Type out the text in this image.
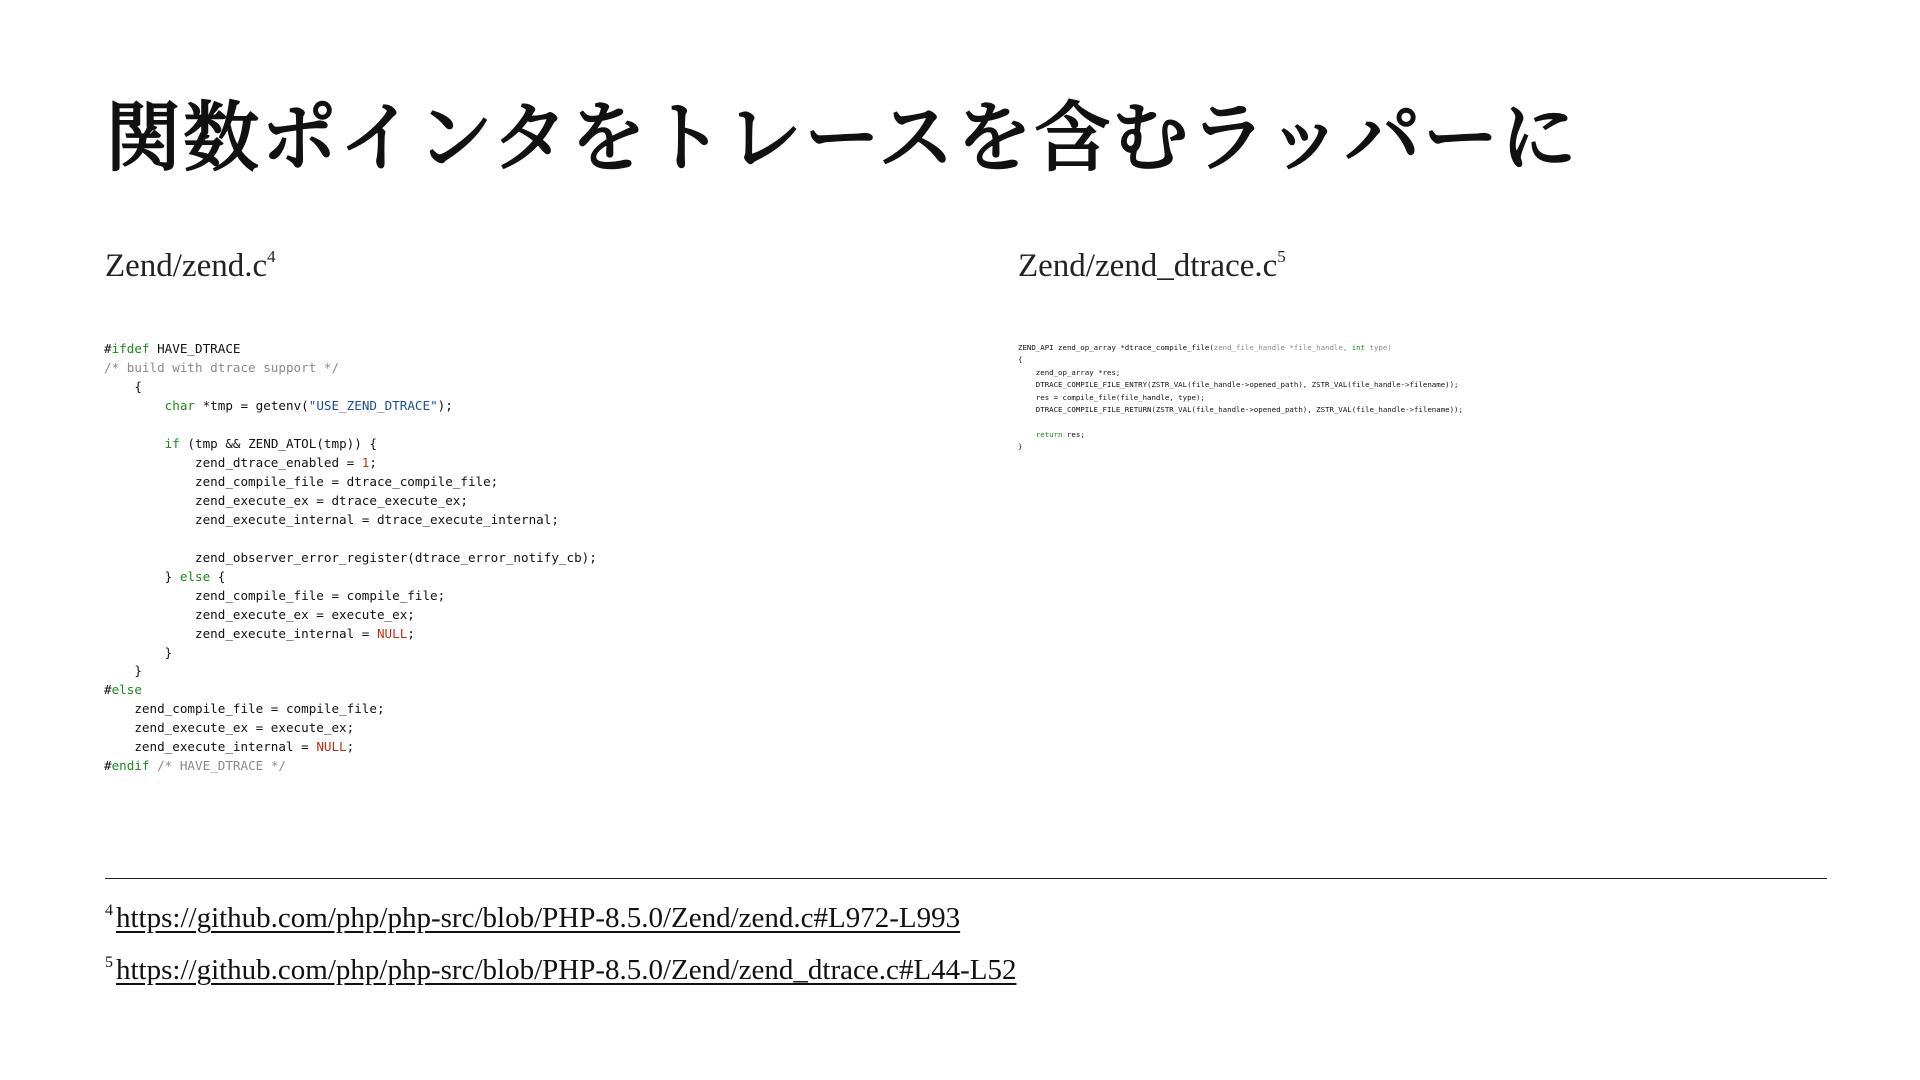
関数ポインタをトレースを含むラッパーに
Zend/$zend.c^4$	Zend/$zend\_dtrace.c^5$
#ifdef HAVE_DTRACE
/* build with dtrace support */
{
char *tmp = getenv("USE_ZEND_DTRACE");
if (tmp && ZEND_ATOL(tmp)) {
zend_dtrace_enabled = 1;
zend_compile_file = dtrace_compile_file;
zend_execute_ex = dtrace_execute_ex;
zend_execute_internal = dtrace_execute_internal;
zend_observer_error_register(dtrace_error_notify_cb);
} else {
zend_compile_file = compile_file;
zend_execute_ex = execute_ex;
zend_execute_internal = NULL;
}
}
#else
zend_compile_file = compile_file;
zend_execute_ex = execute_ex;
zend_execute_internal = NULL;
#endif /* HAVE_DTRACE */
ZEND_API zend_op_array *dtrace_compile_file(zend_file_handle *file_handle, int type)
{
zend_op_array *res;
DTRACE_COMPILE_FILE_ENTRY(ZSTR_VAL(file_handle->opened_path), ZSTR_VAL(file_handle->filename));
res = compile_file(file_handle, type);
DTRACE_COMPILE_FILE_RETURN(ZSTR_VAL(file_handle->opened_path), ZSTR_VAL(file_handle->filename));
return res;
}

$^4$ https://github.com/php/php-src/blob/PHP-8.5.0/Zend/zend.c#L972-L993

$^5$ https://github.com/php/php-src/blob/PHP-8.5.0/Zend/zend_dtrace.c#L44-L52
